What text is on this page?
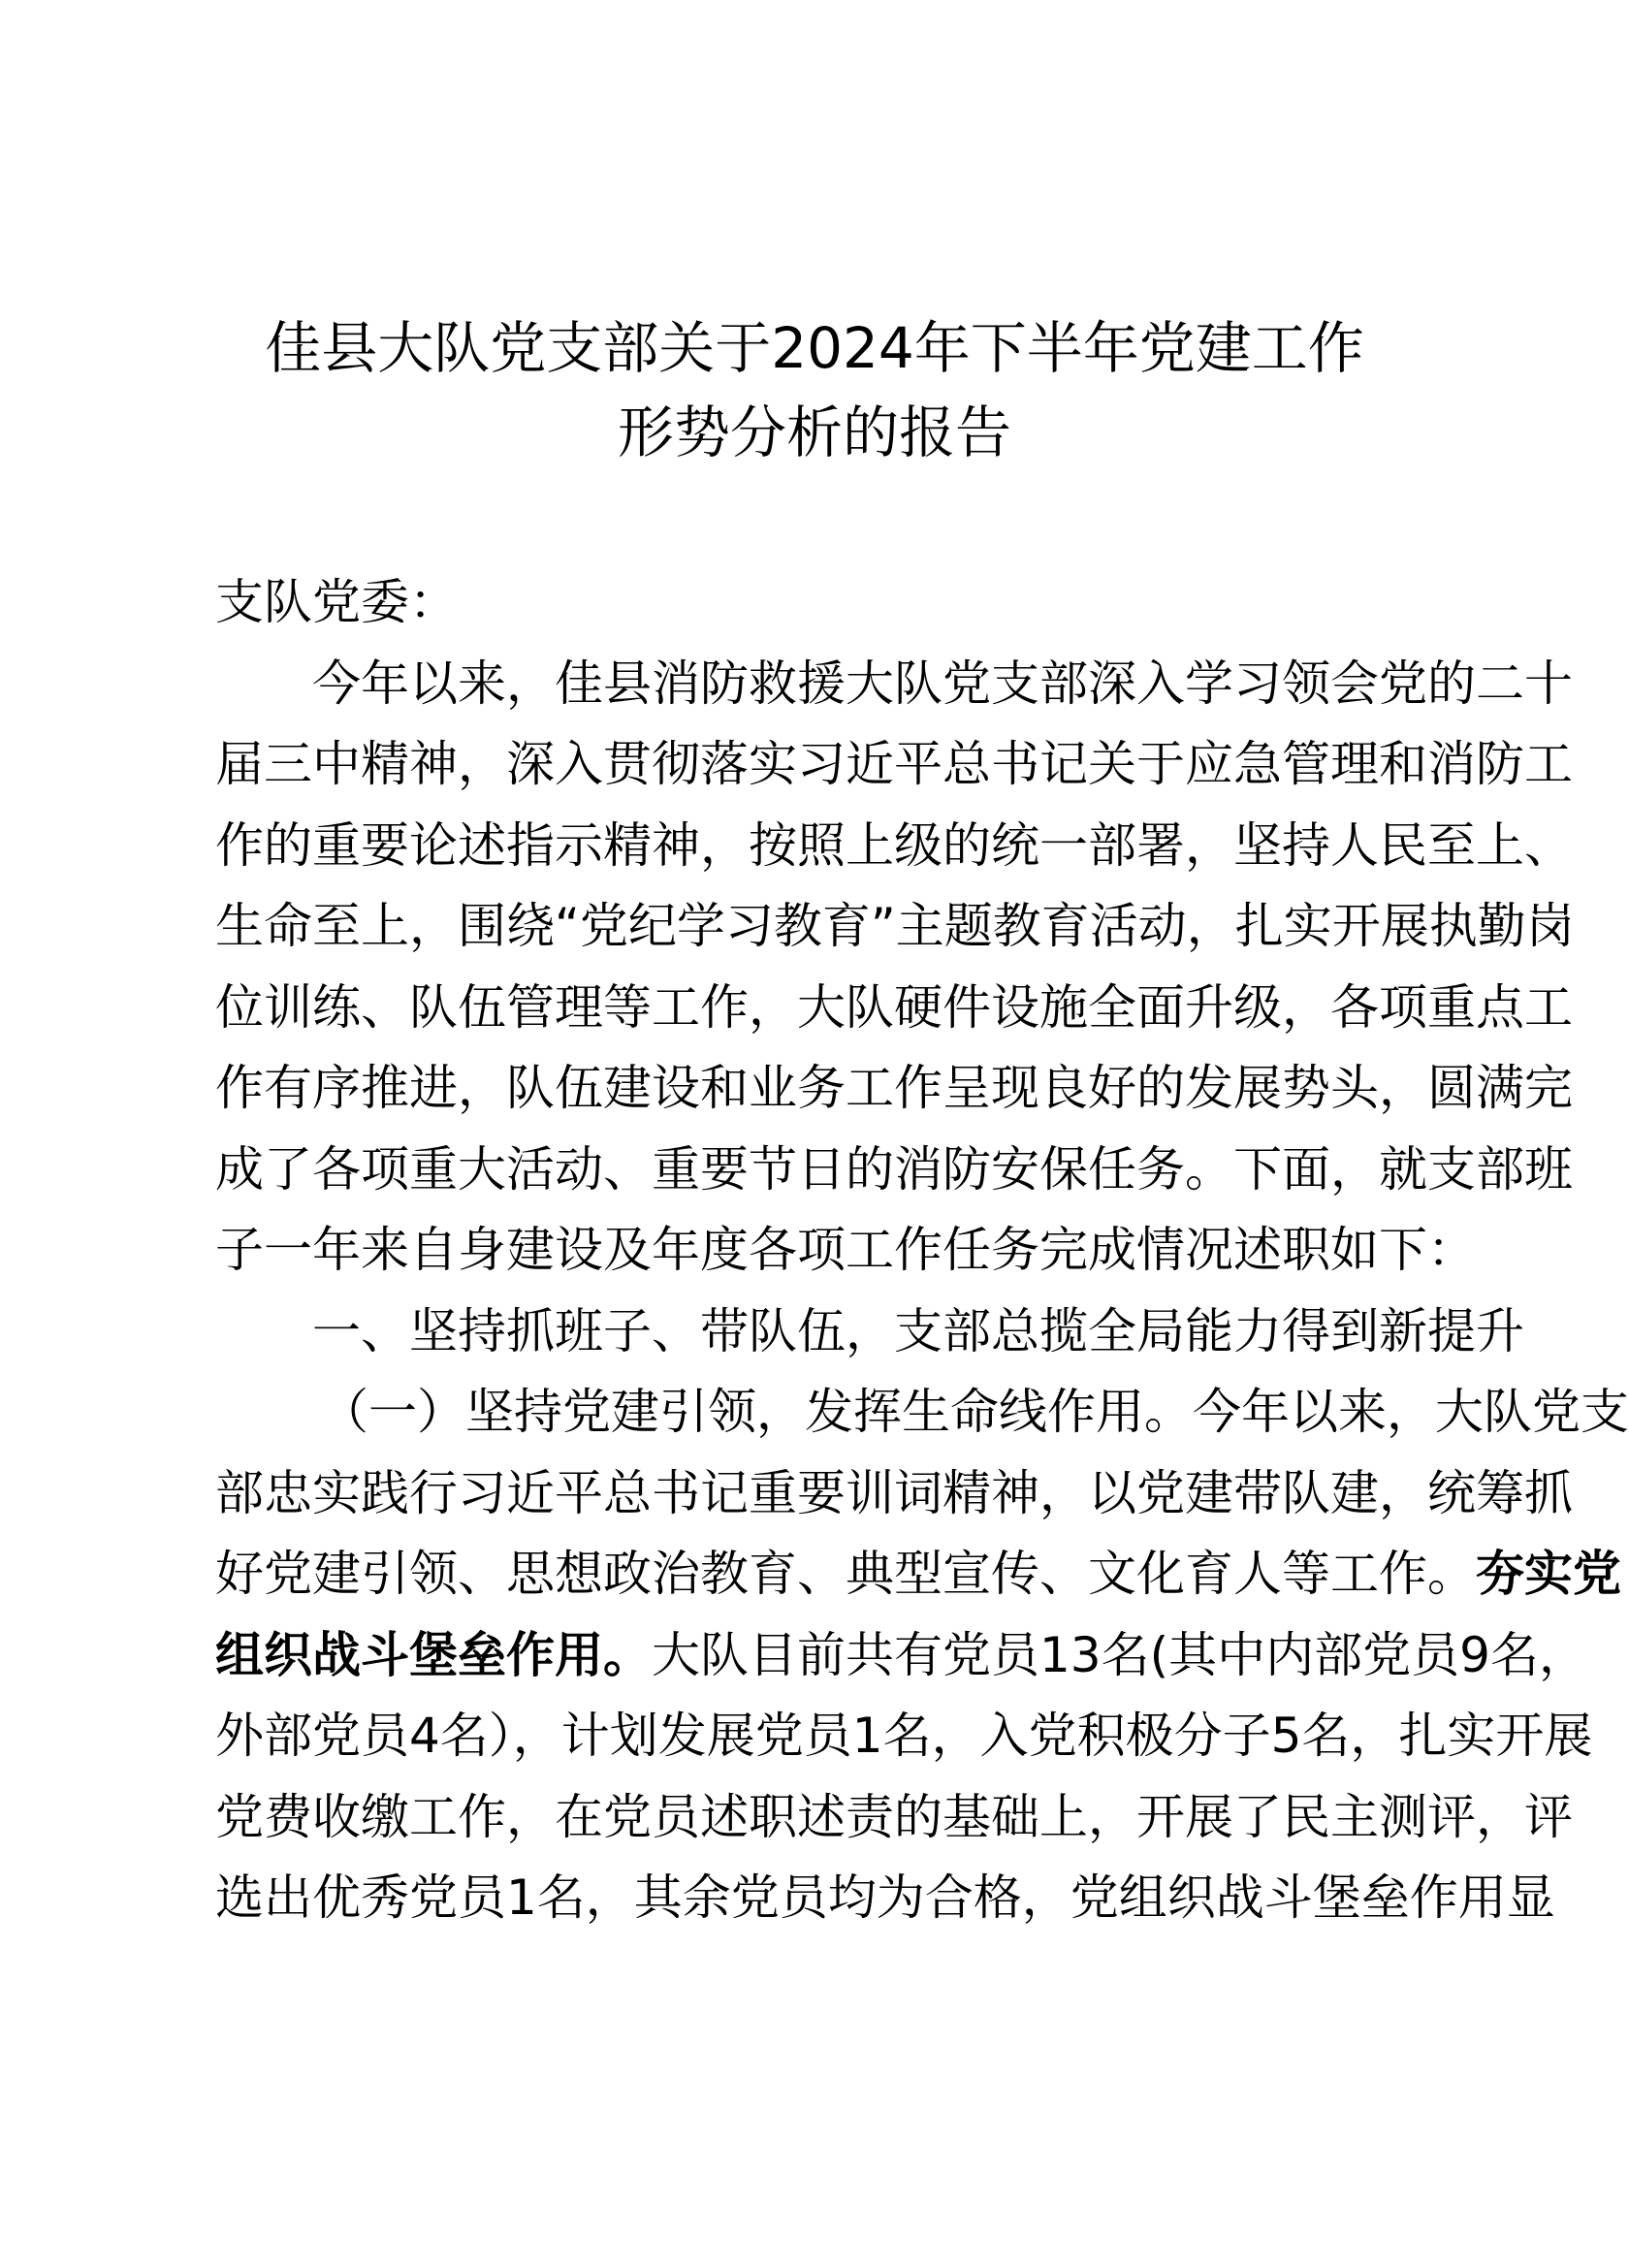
佳县大队党支部关于2024年下半年党建工作
形势分析的报告
支队党委：
今年以来，佳县消防救援大队党支部深入学习领会党的二十
届三中精神，深入贯彻落实习近平总书记关于应急管理和消防工
作的重要论述指示精神，按照上级的统一部署，坚持人民至上、
生命至上，围绕“党纪学习教育”主题教育活动，扎实开展执勤岗
位训练、队伍管理等工作，大队硬件设施全面升级，各项重点工
作有序推进，队伍建设和业务工作呈现良好的发展势头，圆满完
成了各项重大活动、重要节日的消防安保任务。下面，就支部班
子一年来自身建设及年度各项工作任务完成情况述职如下：
一、坚持抓班子、带队伍，支部总揽全局能力得到新提升
（一）坚持党建引领，发挥生命线作用。今年以来，大队党支
部忠实践行习近平总书记重要训词精神，以党建带队建，统筹抓
好党建引领、思想政治教育、典型宣传、文化育人等工作。夯实党
组织战斗堡垒作用。大队目前共有党员13名(其中内部党员9名，
外部党员4名），计划发展党员1名，入党积极分子5名，扎实开展
党费收缴工作，在党员述职述责的基础上，开展了民主测评，评
选出优秀党员1名，其余党员均为合格，党组织战斗堡垒作用显
